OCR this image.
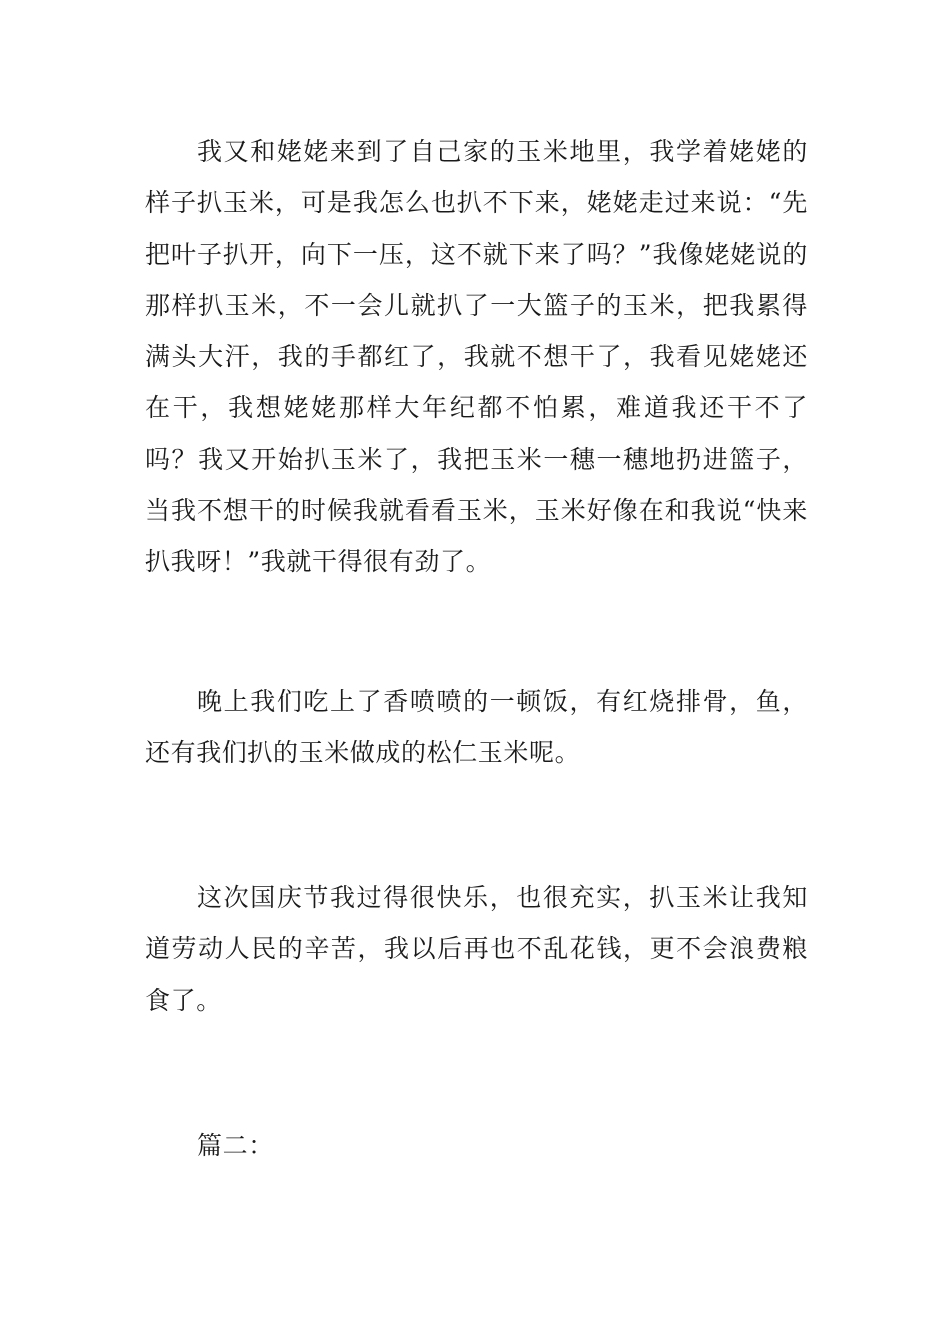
我又和姥姥来到了自己家的玉米地里，我学着姥姥的样子扒玉米，可是我怎么也扒不下来，姥姥走过来说：“先把叶子扒开，向下一压，这不就下来了吗？”我像姥姥说的那样扒玉米，不一会儿就扒了一大篮子的玉米，把我累得满头大汗，我的手都红了，我就不想干了，我看见姥姥还在干，我想姥姥那样大年纪都不怕累，难道我还干不了吗？我又开始扒玉米了，我把玉米一穗一穗地扔进篮子，当我不想干的时候我就看看玉米，玉米好像在和我说“快来扒我呀！”我就干得很有劲了。

晚上我们吃上了香喷喷的一顿饭，有红烧排骨，鱼，还有我们扒的玉米做成的松仁玉米呢。

这次国庆节我过得很快乐，也很充实，扒玉米让我知道劳动人民的辛苦，我以后再也不乱花钱，更不会浪费粮食了。

篇二：
